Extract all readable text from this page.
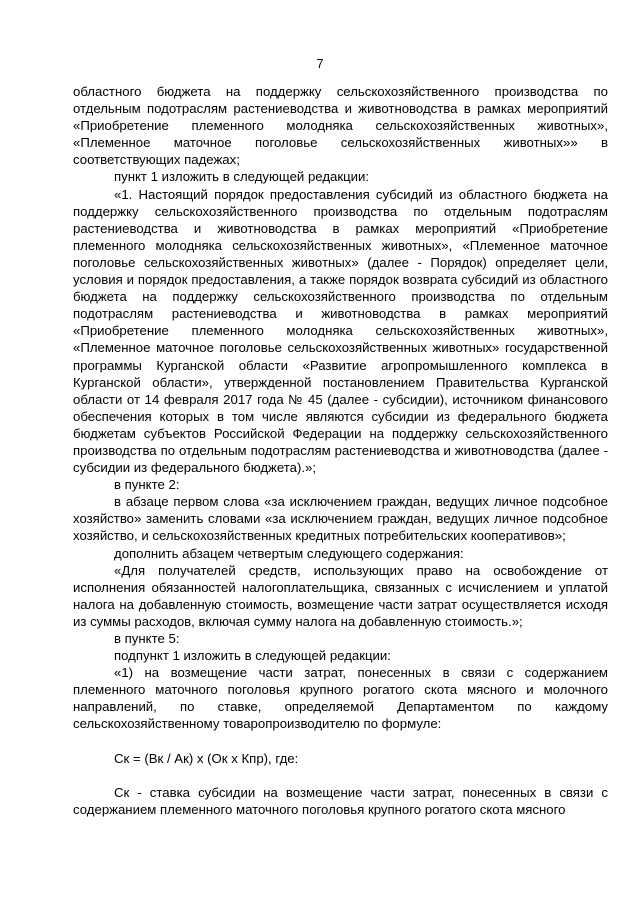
7

областного бюджета на поддержку сельскохозяйственного производства по отдельным подотраслям растениеводства и животноводства в рамках мероприятий «Приобретение племенного молодняка сельскохозяйственных животных», «Племенное маточное поголовье сельскохозяйственных животных»» в соответствующих падежах;

пункт 1 изложить в следующей редакции:

«1. Настоящий порядок предоставления субсидий из областного бюджета на поддержку сельскохозяйственного производства по отдельным подотраслям растениеводства и животноводства в рамках мероприятий «Приобретение племенного молодняка сельскохозяйственных животных», «Племенное маточное поголовье сельскохозяйственных животных» (далее - Порядок) определяет цели, условия и порядок предоставления, а также порядок возврата субсидий из областного бюджета на поддержку сельскохозяйственного производства по отдельным подотраслям растениеводства и животноводства в рамках мероприятий «Приобретение племенного молодняка сельскохозяйственных животных», «Племенное маточное поголовье сельскохозяйственных животных» государственной программы Курганской области «Развитие агропромышленного комплекса в Курганской области», утвержденной постановлением Правительства Курганской области от 14 февраля 2017 года № 45 (далее - субсидии), источником финансового обеспечения которых в том числе являются субсидии из федерального бюджета бюджетам субъектов Российской Федерации на поддержку сельскохозяйственного производства по отдельным подотраслям растениеводства и животноводства (далее - субсидии из федерального бюджета).»;

в пункте 2:

в абзаце первом слова «за исключением граждан, ведущих личное подсобное хозяйство» заменить словами «за исключением граждан, ведущих личное подсобное хозяйство, и сельскохозяйственных кредитных потребительских кооперативов»;

дополнить абзацем четвертым следующего содержания:

«Для получателей средств, использующих право на освобождение от исполнения обязанностей налогоплательщика, связанных с исчислением и уплатой налога на добавленную стоимость, возмещение части затрат осуществляется исходя из суммы расходов, включая сумму налога на добавленную стоимость.»;

в пункте 5:

подпункт 1 изложить в следующей редакции:

«1) на возмещение части затрат, понесенных в связи с содержанием племенного маточного поголовья крупного рогатого скота мясного и молочного направлений, по ставке, определяемой Департаментом по каждому сельскохозяйственному товаропроизводителю по формуле:

Ск = (Вк / Ак) x (Ок x Кпр), где:

Ск - ставка субсидии на возмещение части затрат, понесенных в связи с содержанием племенного маточного поголовья крупного рогатого скота мясного
